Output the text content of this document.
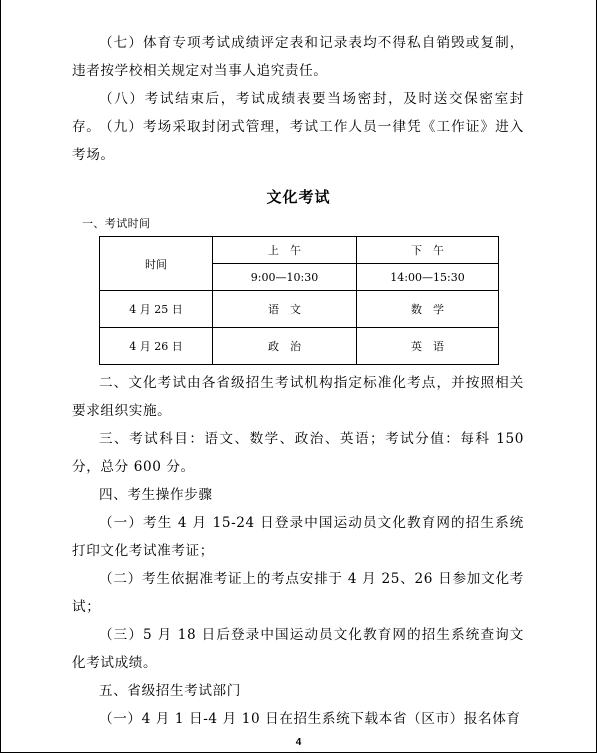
（七）体育专项考试成绩评定表和记录表均不得私自销毁或复制，违者按学校相关规定对当事人追究责任。

（八）考试结束后，考试成绩表要当场密封，及时送交保密室封存。

（九）考场采取封闭式管理，考试工作人员一律凭《工作证》进入考场。

文化考试
一、考试时间
时间	上　午	下　午
	9:00—10:30	14:00—15:30
4 月 25 日	语　文	数　学
4 月 26 日	政　治	英　语

二、文化考试由各省级招生考试机构指定标准化考点，并按照相关要求组织实施。

三、考试科目：语文、数学、政治、英语；考试分值：每科 150分，总分 600 分。

四、考生操作步骤

（一）考生 4 月 15-24 日登录中国运动员文化教育网的招生系统打印文化考试准考证；

（二）考生依据准考证上的考点安排于 4 月 25、26 日参加文化考试；

（三）5 月 18 日后登录中国运动员文化教育网的招生系统查询文化考试成绩。

五、省级招生考试部门

（一）4 月 1 日-4 月 10 日在招生系统下载本省（区市）报名体育

4
